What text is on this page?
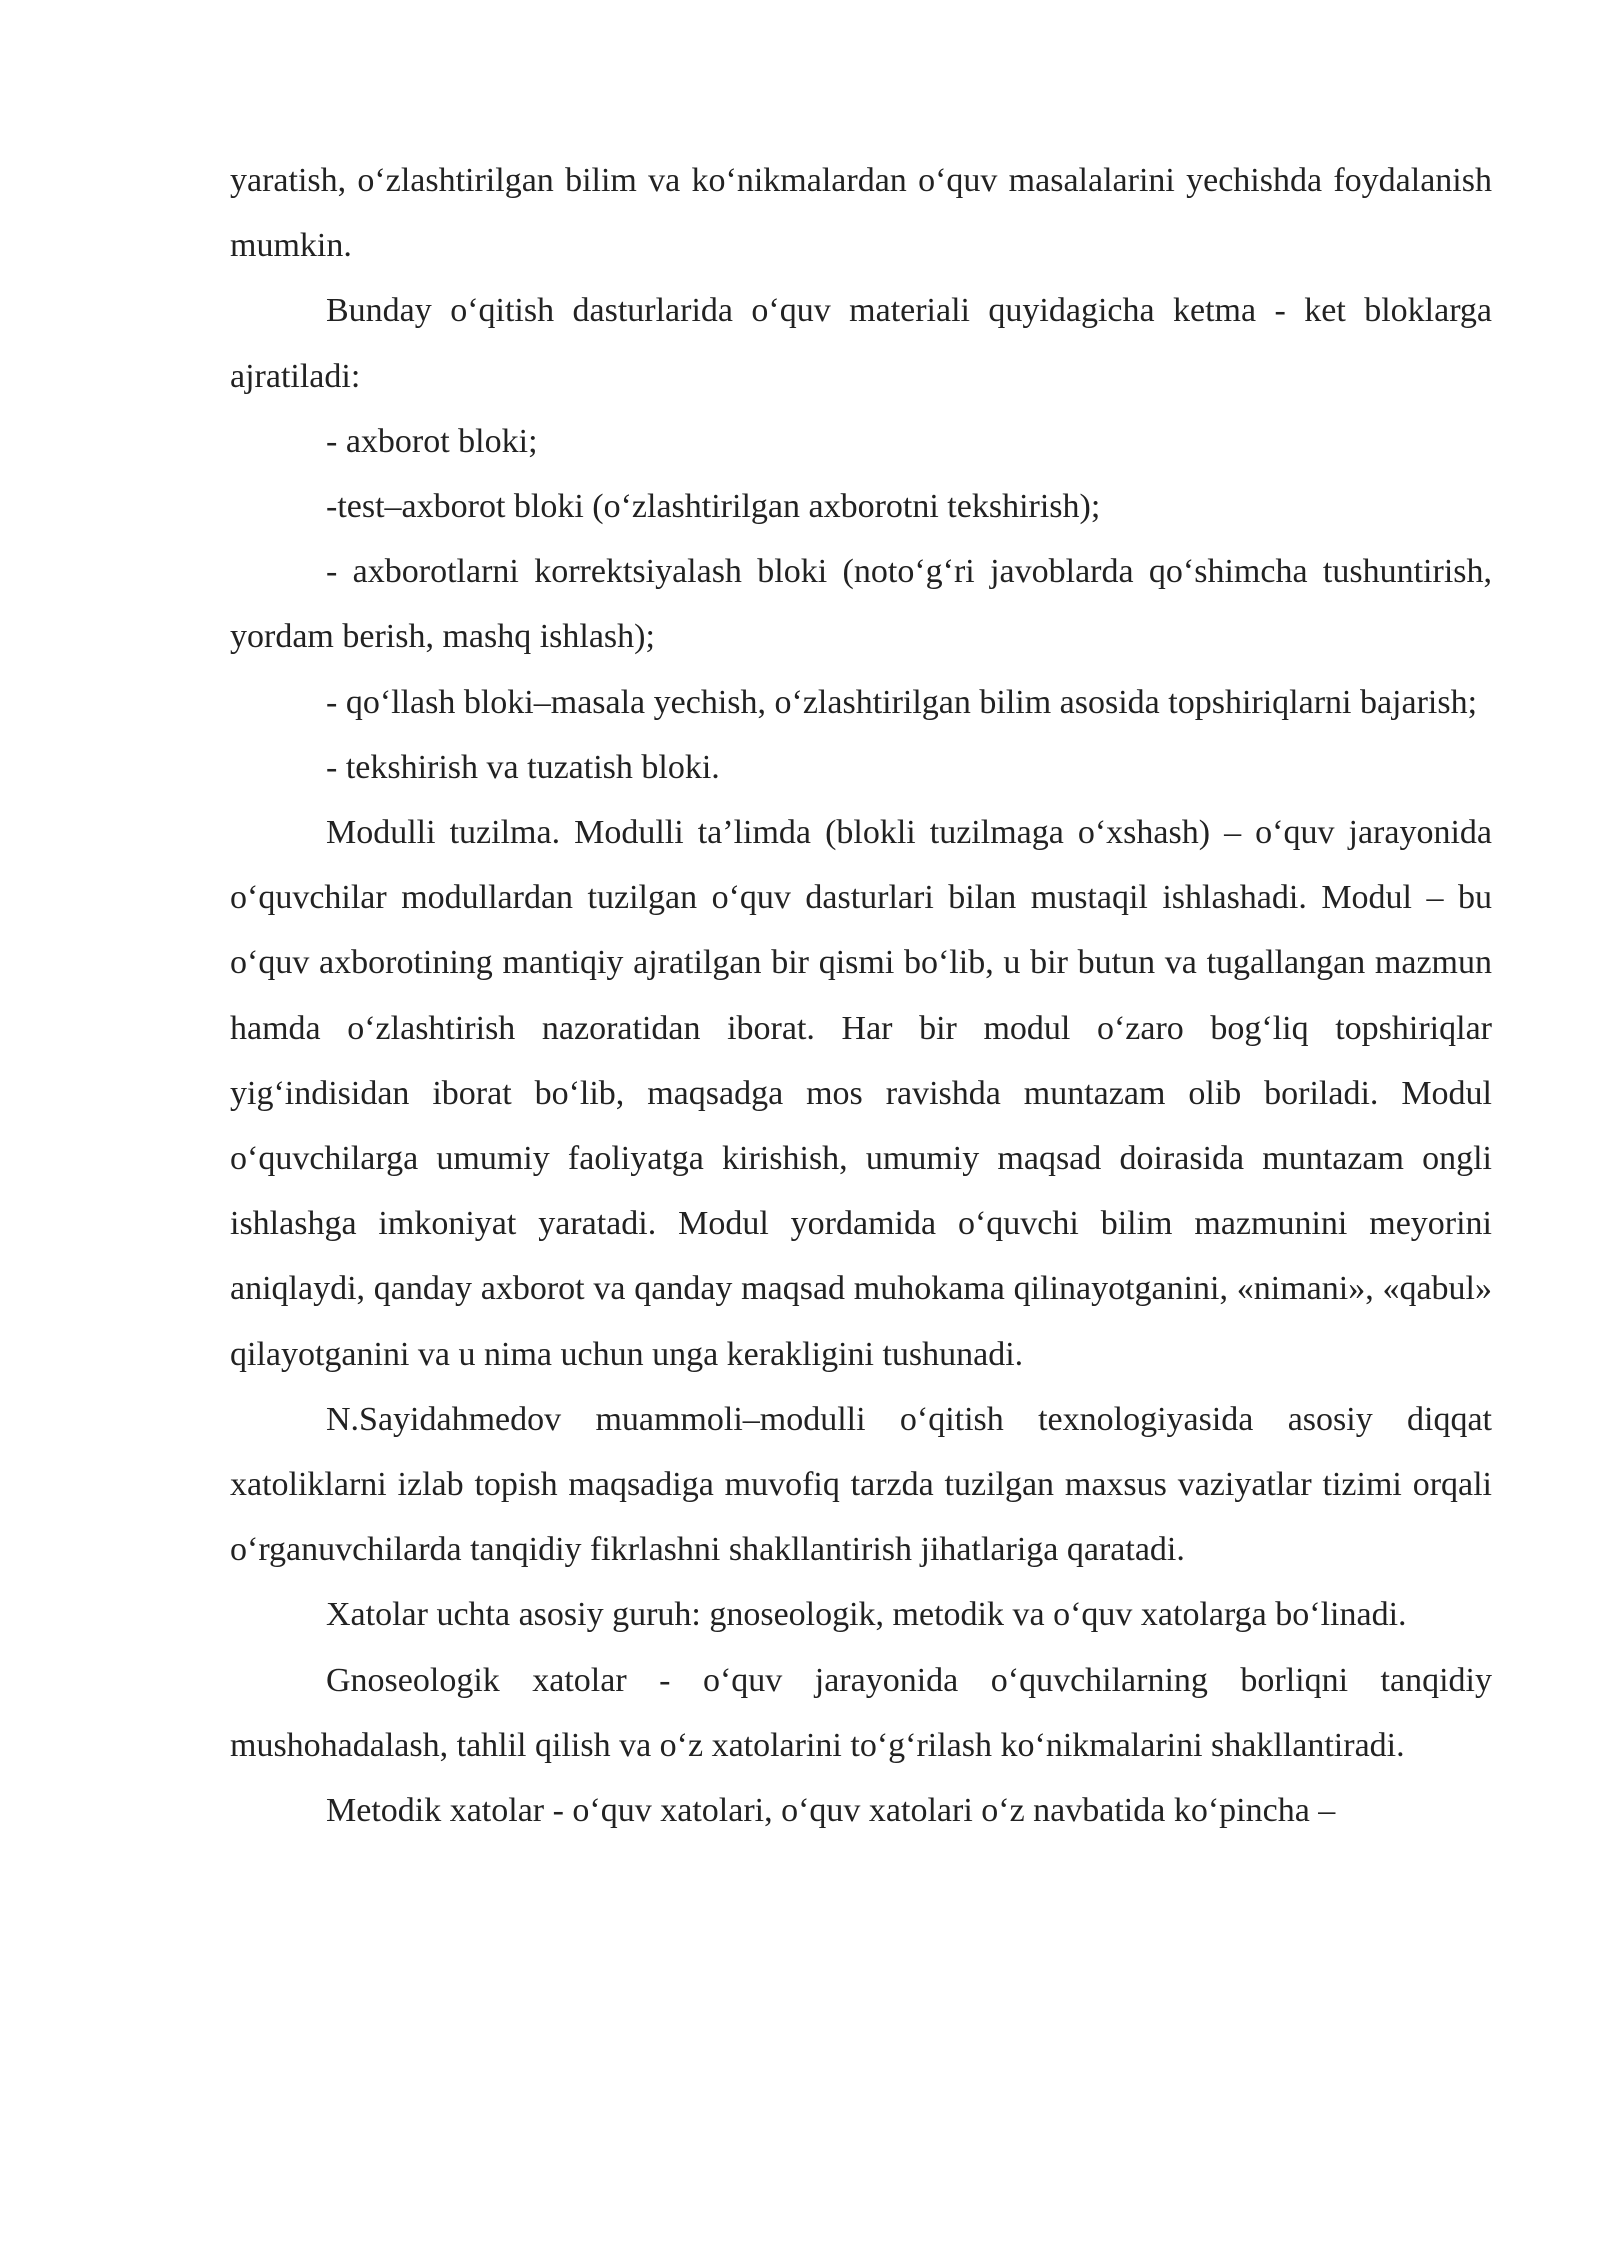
yaratish, o‘zlashtirilgan bilim va ko‘nikmalardan o‘quv masalalarini yechishda foydalanish mumkin.

Bunday o‘qitish dasturlarida o‘quv materiali quyidagicha ketma - ket bloklarga ajratiladi:

- axborot bloki;

-test–axborot bloki (o‘zlashtirilgan axborotni tekshirish);

- axborotlarni korrektsiyalash bloki (noto‘g‘ri javoblarda qo‘shimcha tushuntirish, yordam berish, mashq ishlash);

- qo‘llash bloki–masala yechish, o‘zlashtirilgan bilim asosida topshiriqlarni bajarish;

- tekshirish va tuzatish bloki.

Modulli tuzilma. Modulli ta’limda (blokli tuzilmaga o‘xshash) – o‘quv jarayonida o‘quvchilar modullardan tuzilgan o‘quv dasturlari bilan mustaqil ishlashadi. Modul – bu o‘quv axborotining mantiqiy ajratilgan bir qismi bo‘lib, u bir butun va tugallangan mazmun hamda o‘zlashtirish nazoratidan iborat. Har bir modul o‘zaro bog‘liq topshiriqlar yig‘indisidan iborat bo‘lib, maqsadga mos ravishda muntazam olib boriladi. Modul o‘quvchilarga umumiy faoliyatga kirishish, umumiy maqsad doirasida muntazam ongli ishlashga imkoniyat yaratadi. Modul yordamida o‘quvchi bilim mazmunini meyorini aniqlaydi, qanday axborot va qanday maqsad muhokama qilinayotganini, «nimani», «qabul» qilayotganini va u nima uchun unga kerakligini tushunadi.

N.Sayidahmedov muammoli–modulli o‘qitish texnologiyasida asosiy diqqat xatoliklarni izlab topish maqsadiga muvofiq tarzda tuzilgan maxsus vaziyatlar tizimi orqali o‘rganuvchilarda tanqidiy fikrlashni shakllantirish jihatlariga qaratadi.

Xatolar uchta asosiy guruh: gnoseologik, metodik va o‘quv xatolarga bo‘linadi.

Gnoseologik xatolar - o‘quv jarayonida o‘quvchilarning borliqni tanqidiy mushohadalash, tahlil qilish va o‘z xatolarini to‘g‘rilash ko‘nikmalarini shakllantiradi.

Metodik xatolar - o‘quv xatolari, o‘quv xatolari o‘z navbatida ko‘pincha –
